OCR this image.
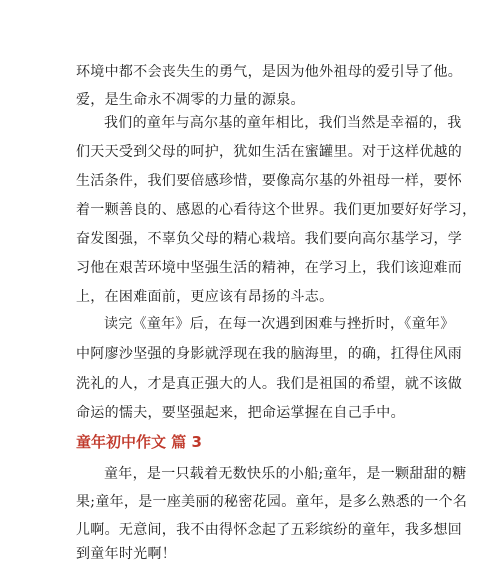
环境中都不会丧失生的勇气，是因为他外祖母的爱引导了他。
爱，是生命永不凋零的力量的源泉。
我们的童年与高尔基的童年相比，我们当然是幸福的，我
们天天受到父母的呵护，犹如生活在蜜罐里。对于这样优越的
生活条件，我们要倍感珍惜，要像高尔基的外祖母一样，要怀
着一颗善良的、感恩的心看待这个世界。我们更加要好好学习，
奋发图强，不辜负父母的精心栽培。我们要向高尔基学习，学
习他在艰苦环境中坚强生活的精神，在学习上，我们该迎难而
上，在困难面前，更应该有昂扬的斗志。
读完《童年》后，在每一次遇到困难与挫折时，《童年》
中阿廖沙坚强的身影就浮现在我的脑海里，的确，扛得住风雨
洗礼的人，才是真正强大的人。我们是祖国的希望，就不该做
命运的懦夫，要坚强起来，把命运掌握在自己手中。
童年初中作文 篇 3
童年，是一只载着无数快乐的小船;童年，是一颗甜甜的糖
果;童年，是一座美丽的秘密花园。童年，是多么熟悉的一个名
儿啊。无意间，我不由得怀念起了五彩缤纷的童年，我多想回
到童年时光啊！
